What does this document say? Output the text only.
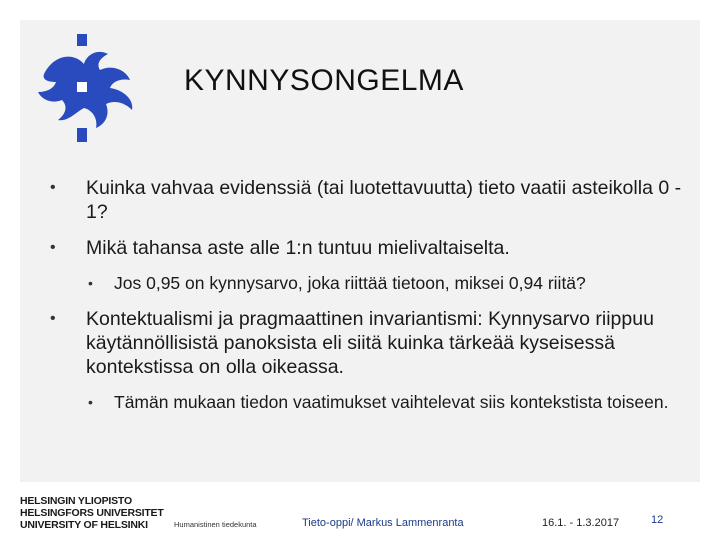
KYNNYSONGELMA
• Kuinka vahvaa evidenssiä (tai luotettavuutta) tieto vaatii asteikolla 0 - 1?
• Mikä tahansa aste alle 1:n tuntuu mielivaltaiselta.
• Jos 0,95 on kynnysarvo, joka riittää tietoon, miksei 0,94 riitä?
• Kontektualismi ja pragmaattinen invariantismi: Kynnysarvo riippuu käytännöllisistä panoksista eli siitä kuinka tärkeää kyseisessä kontekstissa on olla oikeassa.
• Tämän mukaan tiedon vaatimukset vaihtelevat siis kontekstista toiseen.
HELSINGIN YLIOPISTO
HELSINGFORS UNIVERSITET
UNIVERSITY OF HELSINKI	Humanistinen tiedekunta	Tieto-oppi/ Markus Lammenranta	16.1. - 1.3.2017	12
